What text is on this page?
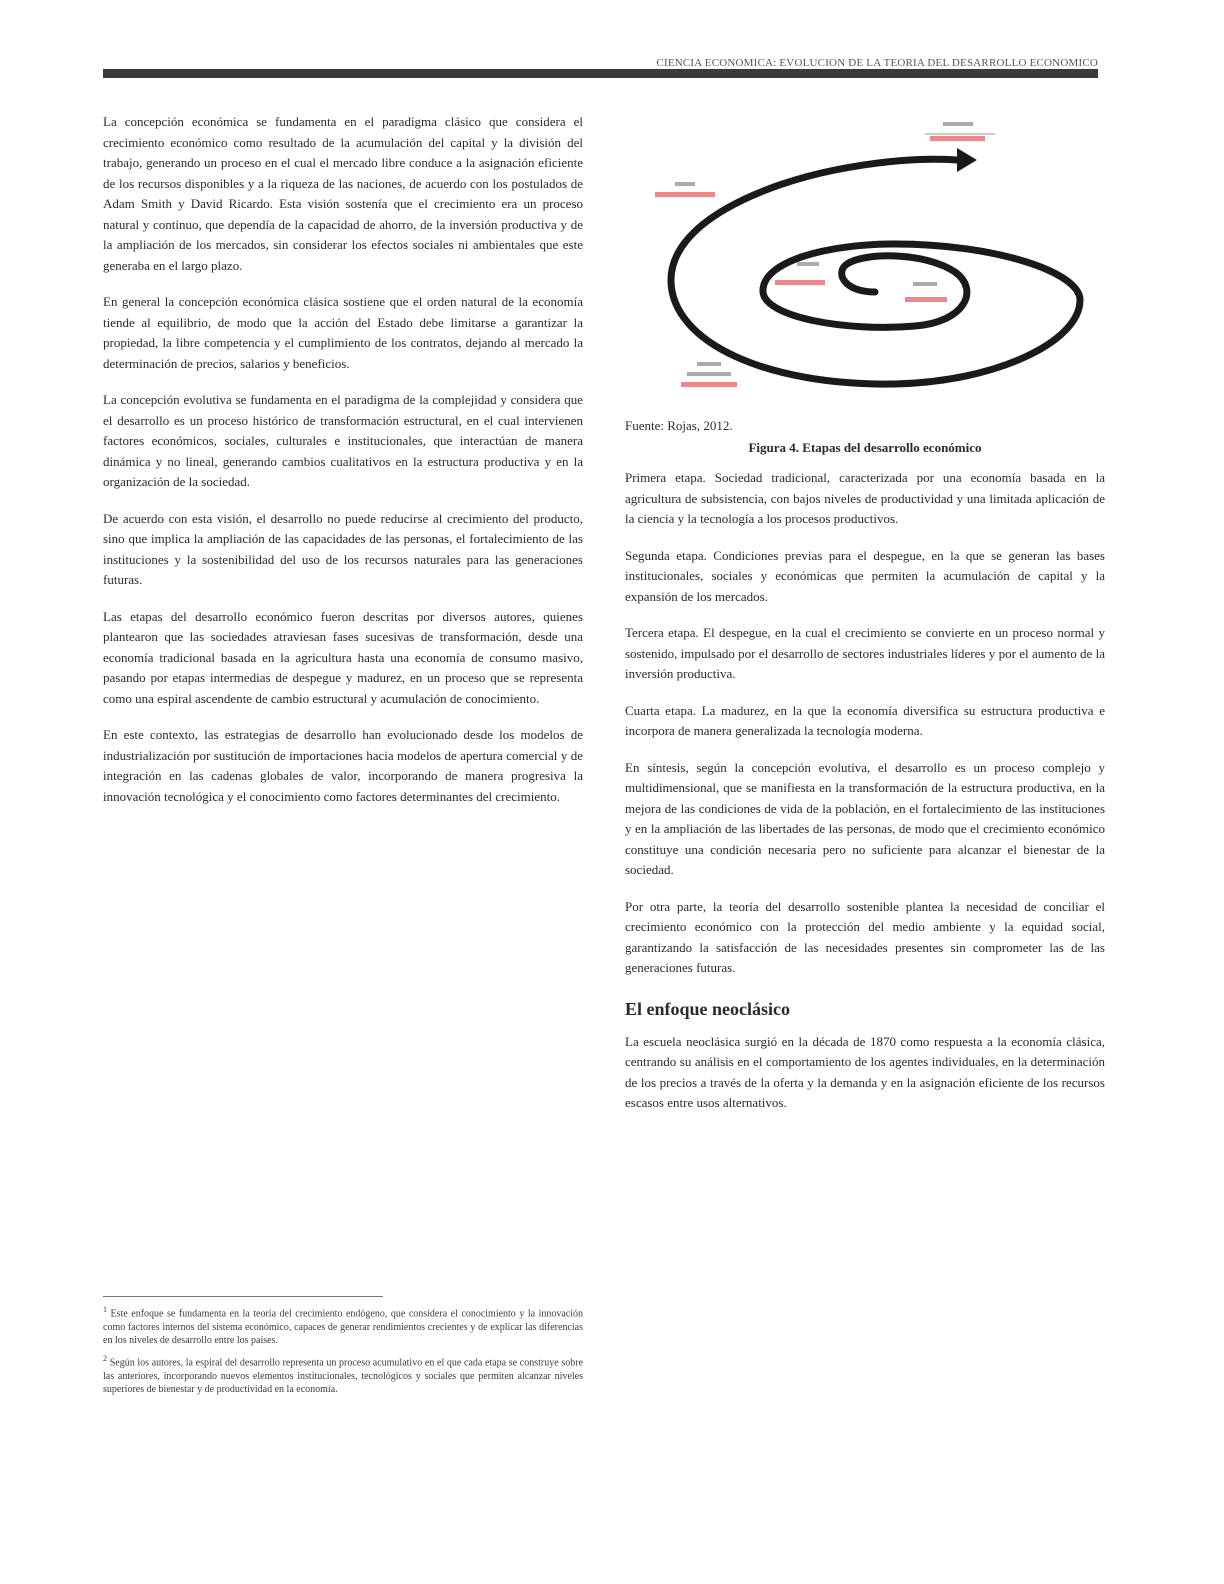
CIENCIA ECONOMICA: EVOLUCION DE LA TEORIA DEL DESARROLLO ECONOMICO

La concepción económica se fundamenta en el paradigma clásico que considera el crecimiento económico como resultado de la acumulación del capital y la división del trabajo, generando un proceso en el cual el mercado libre conduce a la asignación eficiente de los recursos disponibles y a la riqueza de las naciones, de acuerdo con los postulados de Adam Smith y David Ricardo. Esta visión sostenía que el crecimiento era un proceso natural y continuo, que dependía de la capacidad de ahorro, de la inversión productiva y de la ampliación de los mercados, sin considerar los efectos sociales ni ambientales que este generaba en el largo plazo.

En general la concepción económica clásica sostiene que el orden natural de la economía tiende al equilibrio, de modo que la acción del Estado debe limitarse a garantizar la propiedad, la libre competencia y el cumplimiento de los contratos, dejando al mercado la determinación de precios, salarios y beneficios.

La concepción evolutiva se fundamenta en el paradigma de la complejidad y considera que el desarrollo es un proceso histórico de transformación estructural, en el cual intervienen factores económicos, sociales, culturales e institucionales, que interactúan de manera dinámica y no lineal, generando cambios cualitativos en la estructura productiva y en la organización de la sociedad.

De acuerdo con esta visión, el desarrollo no puede reducirse al crecimiento del producto, sino que implica la ampliación de las capacidades de las personas, el fortalecimiento de las instituciones y la sostenibilidad del uso de los recursos naturales para las generaciones futuras.

Las etapas del desarrollo económico fueron descritas por diversos autores, quienes plantearon que las sociedades atraviesan fases sucesivas de transformación, desde una economía tradicional basada en la agricultura hasta una economía de consumo masivo, pasando por etapas intermedias de despegue y madurez, en un proceso que se representa como una espiral ascendente de cambio estructural y acumulación de conocimiento.

En este contexto, las estrategias de desarrollo han evolucionado desde los modelos de industrialización por sustitución de importaciones hacia modelos de apertura comercial y de integración en las cadenas globales de valor, incorporando de manera progresiva la innovación tecnológica y el conocimiento como factores determinantes del crecimiento.

$^1$ Este enfoque se fundamenta en la teoría del crecimiento endógeno, que considera el conocimiento y la innovación como factores internos del sistema económico, capaces de generar rendimientos crecientes y de explicar las diferencias en los niveles de desarrollo entre los países.

$^2$ Según los autores, la espiral del desarrollo representa un proceso acumulativo en el que cada etapa se construye sobre las anteriores, incorporando nuevos elementos institucionales, tecnológicos y sociales que permiten alcanzar niveles superiores de bienestar y de productividad en la economía.

Fuente: Rojas, 2012.

Figura 4. Etapas del desarrollo económico

Primera etapa. Sociedad tradicional, caracterizada por una economía basada en la agricultura de subsistencia, con bajos niveles de productividad y una limitada aplicación de la ciencia y la tecnología a los procesos productivos.

Segunda etapa. Condiciones previas para el despegue, en la que se generan las bases institucionales, sociales y económicas que permiten la acumulación de capital y la expansión de los mercados.

Tercera etapa. El despegue, en la cual el crecimiento se convierte en un proceso normal y sostenido, impulsado por el desarrollo de sectores industriales líderes y por el aumento de la inversión productiva.

Cuarta etapa. La madurez, en la que la economía diversifica su estructura productiva e incorpora de manera generalizada la tecnología moderna.

En síntesis, según la concepción evolutiva, el desarrollo es un proceso complejo y multidimensional, que se manifiesta en la transformación de la estructura productiva, en la mejora de las condiciones de vida de la población, en el fortalecimiento de las instituciones y en la ampliación de las libertades de las personas, de modo que el crecimiento económico constituye una condición necesaria pero no suficiente para alcanzar el bienestar de la sociedad.

Por otra parte, la teoría del desarrollo sostenible plantea la necesidad de conciliar el crecimiento económico con la protección del medio ambiente y la equidad social, garantizando la satisfacción de las necesidades presentes sin comprometer las de las generaciones futuras.

El enfoque neoclásico

La escuela neoclásica surgió en la década de 1870 como respuesta a la economía clásica, centrando su análisis en el comportamiento de los agentes individuales, en la determinación de los precios a través de la oferta y la demanda y en la asignación eficiente de los recursos escasos entre usos alternativos.
